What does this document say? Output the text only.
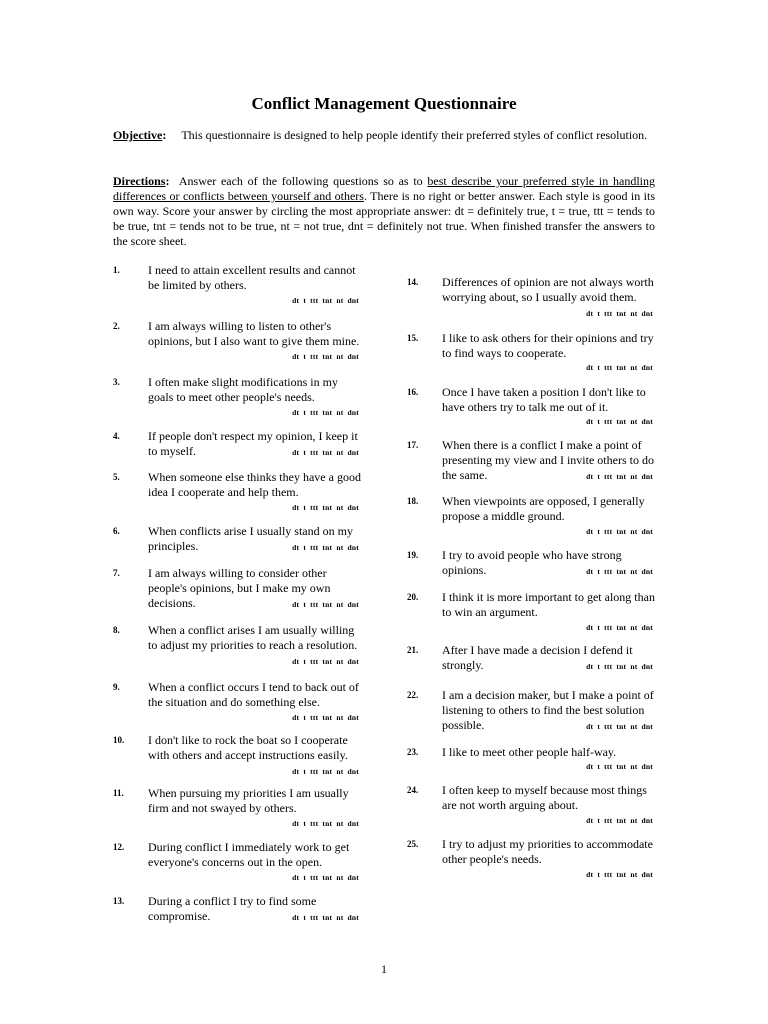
Conflict Management Questionnaire
Objective: This questionnaire is designed to help people identify their preferred styles of conflict resolution.
Directions: Answer each of the following questions so as to best describe your preferred style in handling differences or conflicts between yourself and others. There is no right or better answer. Each style is good in its own way. Score your answer by circling the most appropriate answer: dt = definitely true, t = true, ttt = tends to be true, tnt = tends not to be true, nt = not true, dnt = definitely not true. When finished transfer the answers to the score sheet.
1. I need to attain excellent results and cannot be limited by others.
dt  t  ttt  tnt  nt  dnt
2. I am always willing to listen to other's opinions, but I also want to give them mine.
dt  t  ttt  tnt  nt  dnt
3. I often make slight modifications in my goals to meet other people's needs.
dt  t  ttt  tnt  nt  dnt
4. If people don't respect my opinion, I keep it to myself.	dt  t  ttt  tnt  nt  dnt
5. When someone else thinks they have a good idea I cooperate and help them.
dt  t  ttt  tnt  nt  dnt
6. When conflicts arise I usually stand on my principles.	dt  t  ttt  tnt  nt  dnt
7. I am always willing to consider other people's opinions, but I make my own decisions.	dt  t  ttt  tnt  nt  dnt
8. When a conflict arises I am usually willing to adjust my priorities to reach a resolution.
dt  t  ttt  tnt  nt  dnt
9. When a conflict occurs I tend to back out of the situation and do something else.
dt  t  ttt  tnt  nt  dnt
10. I don't like to rock the boat so I cooperate with others and accept instructions easily.
dt  t  ttt  tnt  nt  dnt
11. When pursuing my priorities I am usually firm and not swayed by others.
dt  t  ttt  tnt  nt  dnt
12. During conflict I immediately work to get everyone's concerns out in the open.
dt  t  ttt  tnt  nt  dnt
13. During a conflict I try to find some compromise.	dt  t  ttt  tnt  nt  dnt
14. Differences of opinion are not always worth worrying about, so I usually avoid them.
dt  t  ttt  tnt  nt  dnt
15. I like to ask others for their opinions and try to find ways to cooperate.
dt  t  ttt  tnt  nt  dnt
16. Once I have taken a position I don't like to have others try to talk me out of it.
dt  t  ttt  tnt  nt  dnt
17. When there is a conflict I make a point of presenting my view and I invite others to do the same.	dt  t  ttt  tnt  nt  dnt
18. When viewpoints are opposed, I generally propose a middle ground.
dt  t  ttt  tnt  nt  dnt
19. I try to avoid people who have strong opinions.	dt  t  ttt  tnt  nt  dnt
20. I think it is more important to get along than to win an argument.
dt  t  ttt  tnt  nt  dnt
21. After I have made a decision I defend it strongly.	dt  t  ttt  tnt  nt  dnt
22. I am a decision maker, but I make a point of listening to others to find the best solution possible.	dt  t  ttt  tnt  nt  dnt
23. I like to meet other people half-way.
dt  t  ttt  tnt  nt  dnt
24. I often keep to myself because most things are not worth arguing about.
dt  t  ttt  tnt  nt  dnt
25. I try to adjust my priorities to accommodate other people's needs.
dt  t  ttt  tnt  nt  dnt
1
